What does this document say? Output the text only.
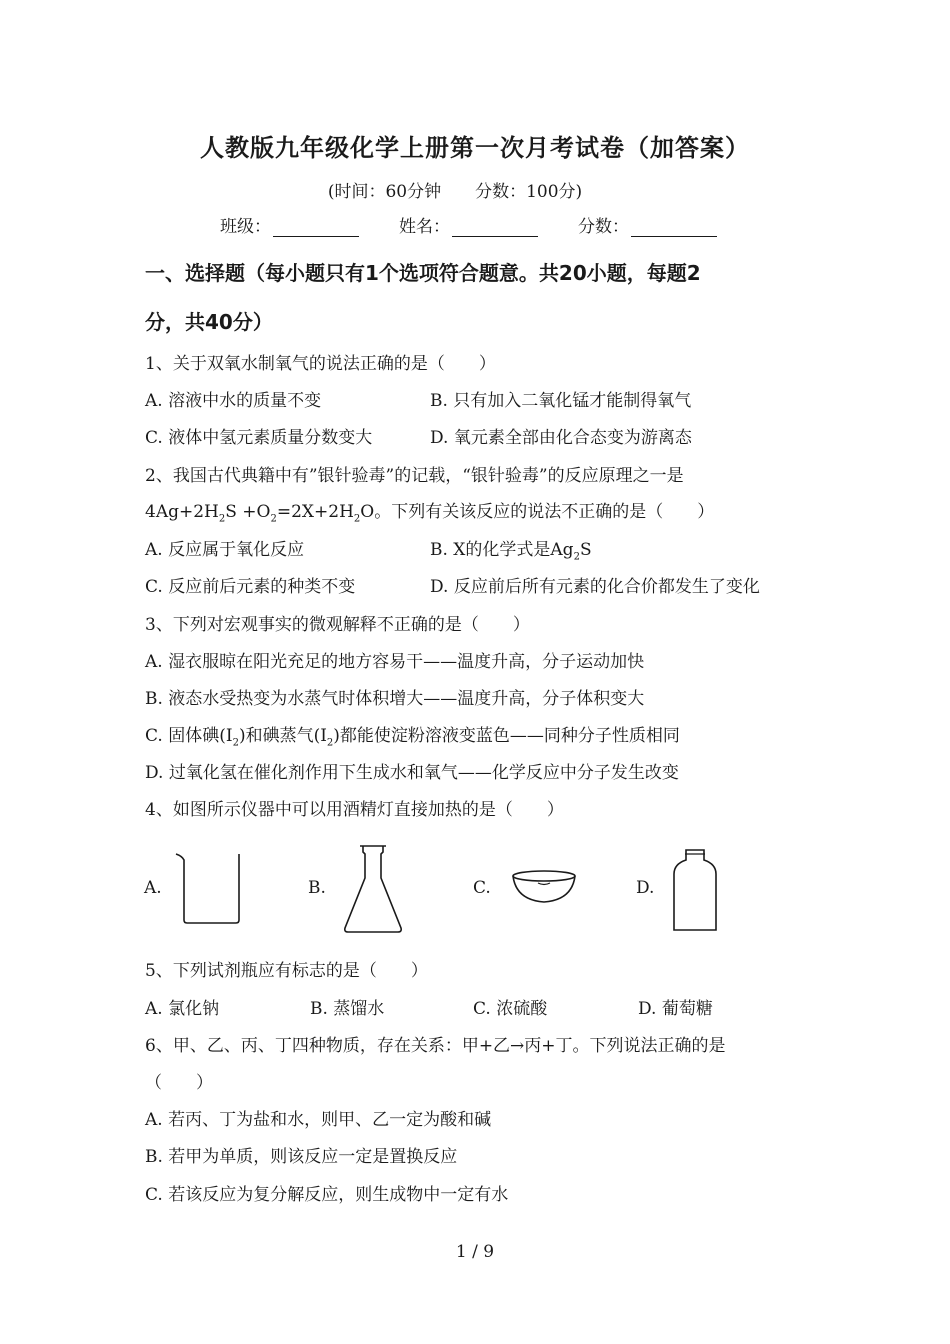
人教版九年级化学上册第一次月考试卷（加答案）
(时间：60分钟　　分数：100分)
班级：	姓名：	分数：
一、选择题（每小题只有1个选项符合题意。共20小题，每题2
分，共40分）
1、关于双氧水制氧气的说法正确的是（　　）
A. 溶液中水的质量不变	B. 只有加入二氧化锰才能制得氧气
C. 液体中氢元素质量分数变大	D. 氧元素全部由化合态变为游离态
2、我国古代典籍中有”银针验毒”的记载，“银针验毒”的反应原理之一是
$4Ag+2H_2S +O_2=2X+2H_2O$。下列有关该反应的说法不正确的是（　　）
A. 反应属于氧化反应	B. X的化学式是$Ag_2S$
C. 反应前后元素的种类不变	D. 反应前后所有元素的化合价都发生了变化
3、下列对宏观事实的微观解释不正确的是（　　）
A. 湿衣服晾在阳光充足的地方容易干——温度升高，分子运动加快
B. 液态水受热变为水蒸气时体积增大——温度升高，分子体积变大
C. 固体碘$(I_2)$和碘蒸气$(I_2)$都能使淀粉溶液变蓝色——同种分子性质相同
D. 过氧化氢在催化剂作用下生成水和氧气——化学反应中分子发生改变
4、如图所示仪器中可以用酒精灯直接加热的是（　　）
A.	B.	C.	D.
5、下列试剂瓶应有标志的是（　　）
A. 氯化钠	B. 蒸馏水	C. 浓硫酸	D. 葡萄糖
6、甲、乙、丙、丁四种物质，存在关系：甲+乙→丙+丁。下列说法正确的是
（　　）
A. 若丙、丁为盐和水，则甲、乙一定为酸和碱
B. 若甲为单质，则该反应一定是置换反应
C. 若该反应为复分解反应，则生成物中一定有水
1 / 9
